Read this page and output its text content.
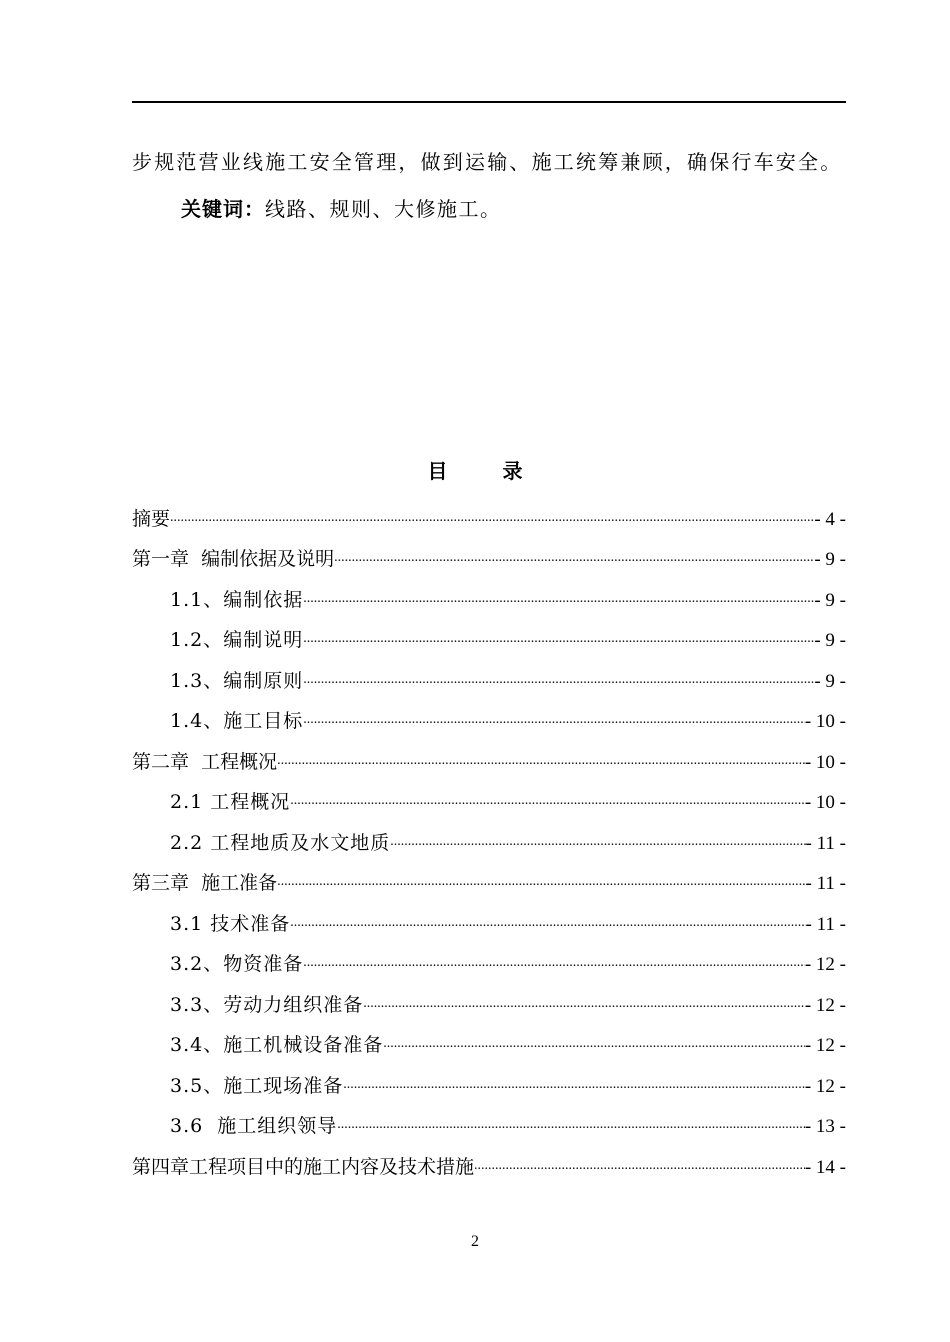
步规范营业线施工安全管理，做到运输、施工统筹兼顾，确保行车安全。
关键词：线路、规则、大修施工。
目 录
摘要 .....	- 4 -
第一章  编制依据及说明 .....	- 9 -
1.1、编制依据 .....	- 9 -
1.2、编制说明 .....	- 9 -
1.3、编制原则 .....	- 9 -
1.4、施工目标 .....	- 10 -
第二章  工程概况 .....	- 10 -
2.1 工程概况 .....	- 10 -
2.2 工程地质及水文地质 .....	- 11 -
第三章  施工准备 .....	- 11 -
3.1 技术准备 .....	- 11 -
3.2、物资准备 .....	- 12 -
3.3、劳动力组织准备 .....	- 12 -
3.4、施工机械设备准备 .....	- 12 -
3.5、施工现场准备 .....	- 12 -
3.6  施工组织领导 .....	- 13 -
第四章工程项目中的施工内容及技术措施 .....	- 14 -
2
